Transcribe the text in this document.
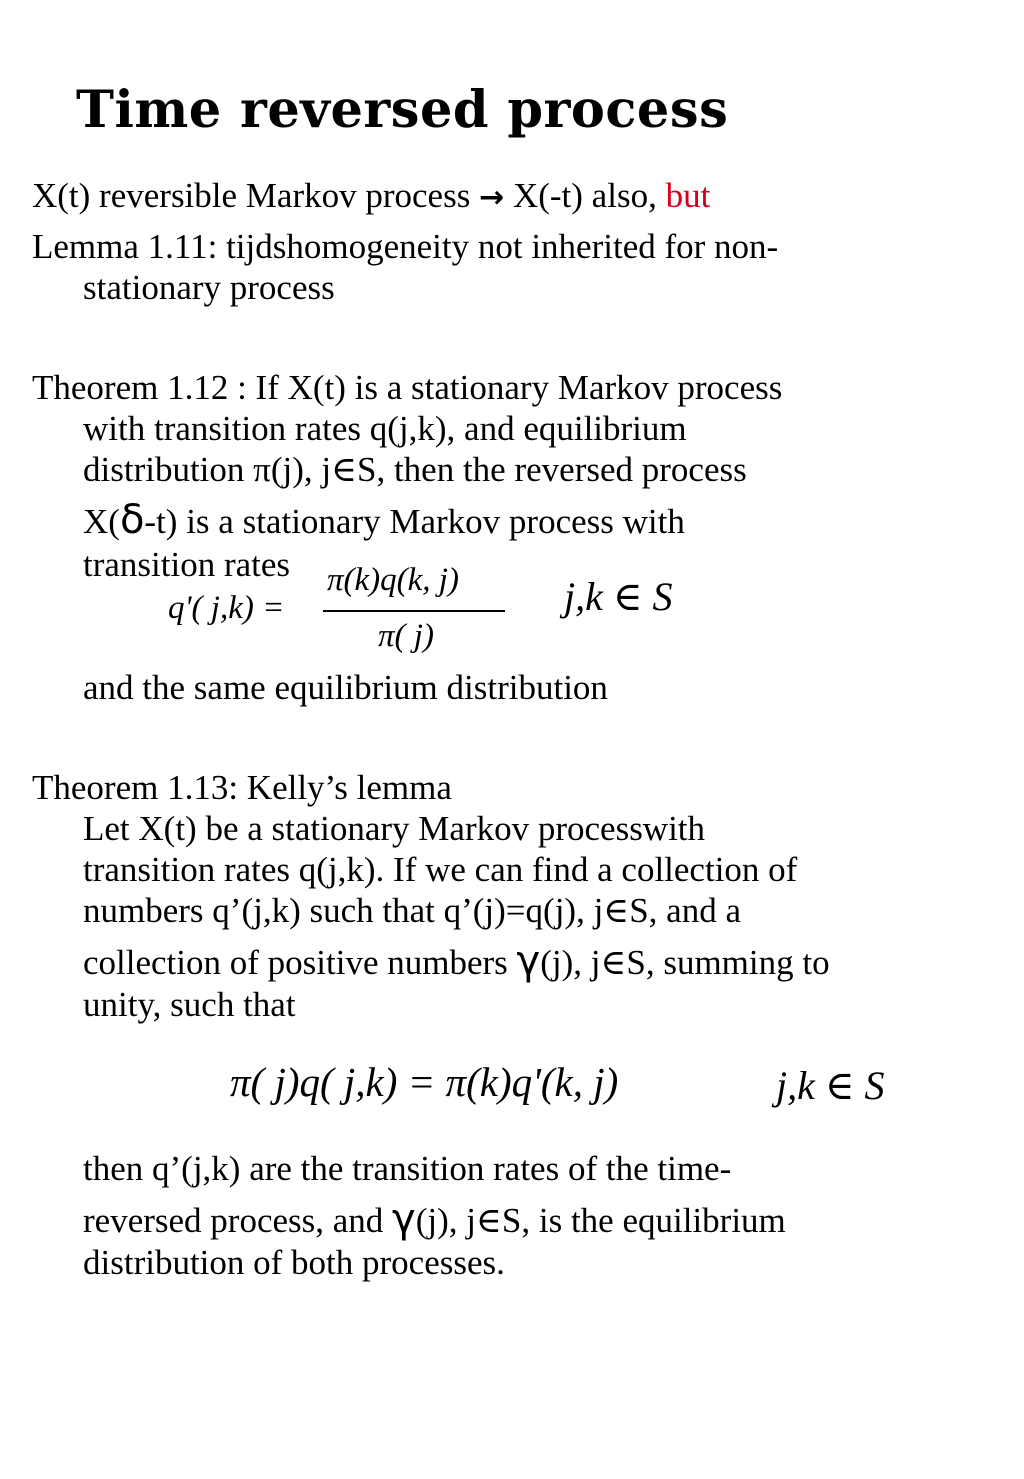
Time reversed process
X(t) reversible Markov process → X(-t) also, but
Lemma 1.11: tijdshomogeneity not inherited for non-
stationary process
Theorem 1.12 : If X(t) is a stationary Markov process
with transition rates q(j,k), and equilibrium
distribution π(j), j∈S, then the reversed process
X(δ-t) is a stationary Markov process with
transition rates
q'( j,k) =
π(k)q(k, j)
π( j)
j,k ∈ S
and the same equilibrium distribution
Theorem 1.13: Kelly’s lemma
Let X(t) be a stationary Markov processwith
transition rates q(j,k). If we can find a collection of
numbers q’(j,k) such that q’(j)=q(j), j∈S, and a
collection of positive numbers γ(j), j∈S, summing to
unity, such that
π( j)q( j,k) = π(k)q'(k, j)	j,k ∈ S
then q’(j,k) are the transition rates of the time-
reversed process, and γ(j), j∈S, is the equilibrium
distribution of both processes.
